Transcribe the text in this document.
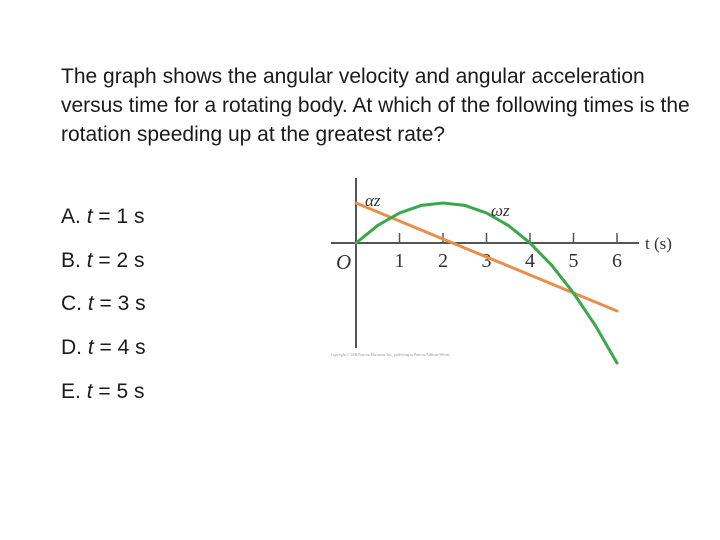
The graph shows the angular velocity and angular acceleration versus time for a rotating body. At which of the following times is the rotation speeding up at the greatest rate?
A. t = 1 s
B. t = 2 s
C. t = 3 s
D. t = 4 s
E. t = 5 s
1 2 3 4 5 6
O
t (s)
αz
ωz
Copyright © 2008 Pearson Education, Inc., publishing as Pearson Addison-Wesley
